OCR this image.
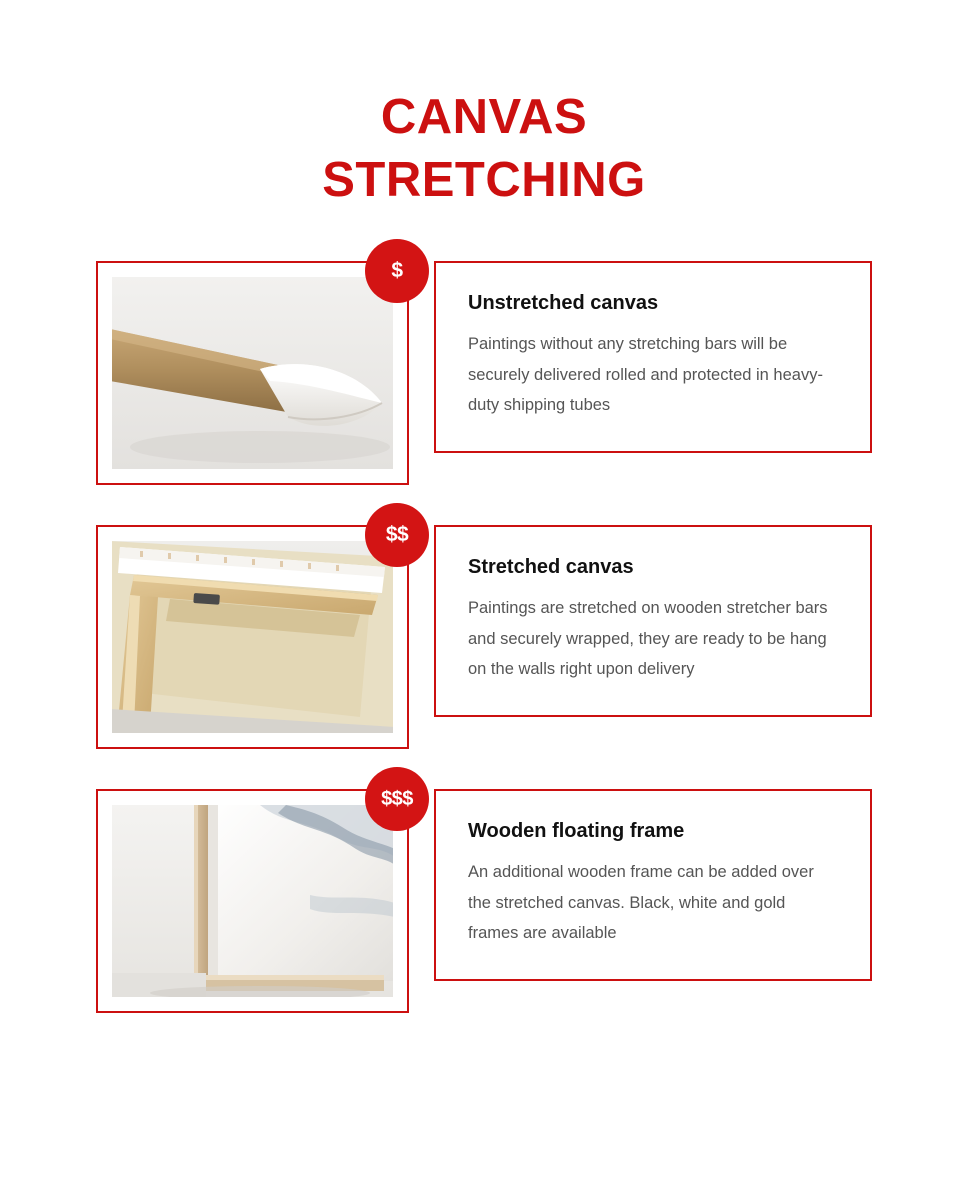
CANVAS
STRETCHING
$
Unstretched canvas

Paintings without any stretching bars will be securely delivered rolled and protected in heavy-duty shipping tubes

$$
Stretched canvas

Paintings are stretched on wooden stretcher bars and securely wrapped, they are ready to be hang on the walls right upon delivery

$$$
Wooden floating frame

An additional wooden frame can be added over the stretched canvas. Black, white and gold frames are available
